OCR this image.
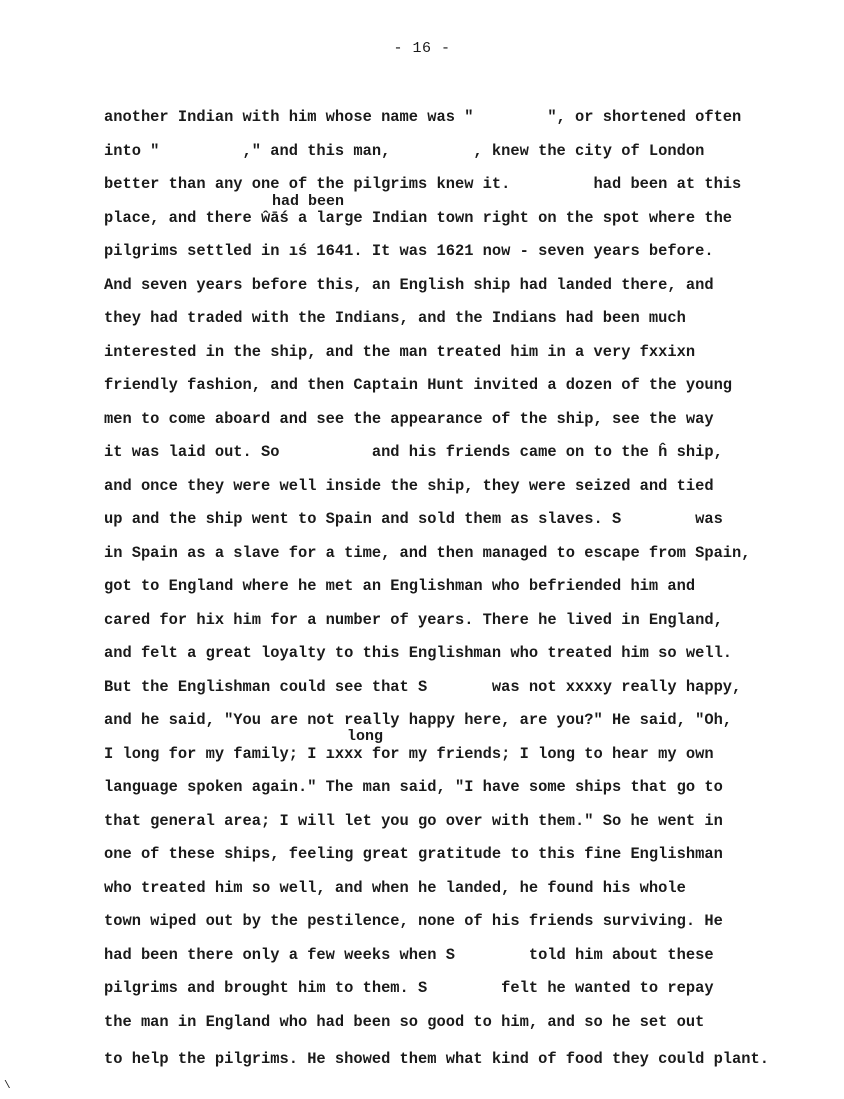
- 16 -
had been
long
another Indian with him whose name was "        ", or shortened often
into "         ," and this man,         , knew the city of London
better than any one of the pilgrims knew it.         had been at this
place, and there ŵāś a large Indian town right on the spot where the
pilgrims settled in ıś 1641. It was 1621 now - seven years before.
And seven years before this, an English ship had landed there, and
they had traded with the Indians, and the Indians had been much
interested in the ship, and the man treated him in a very fxxixn
friendly fashion, and then Captain Hunt invited a dozen of the young
men to come aboard and see the appearance of the ship, see the way
it was laid out. So          and his friends came on to the ĥ ship,
and once they were well inside the ship, they were seized and tied
up and the ship went to Spain and sold them as slaves. S        was
in Spain as a slave for a time, and then managed to escape from Spain,
got to England where he met an Englishman who befriended him and
cared for hix him for a number of years. There he lived in England,
and felt a great loyalty to this Englishman who treated him so well.
But the Englishman could see that S       was not xxxxy really happy,
and he said, "You are not really happy here, are you?" He said, "Oh,
I long for my family; I ıxxx for my friends; I long to hear my own
language spoken again." The man said, "I have some ships that go to
that general area; I will let you go over with them." So he went in
one of these ships, feeling great gratitude to this fine Englishman
who treated him so well, and when he landed, he found his whole
town wiped out by the pestilence, none of his friends surviving. He
had been there only a few weeks when S        told him about these
pilgrims and brought him to them. S        felt he wanted to repay
the man in England who had been so good to him, and so he set out
to help the pilgrims. He showed them what kind of food they could plant.
\
